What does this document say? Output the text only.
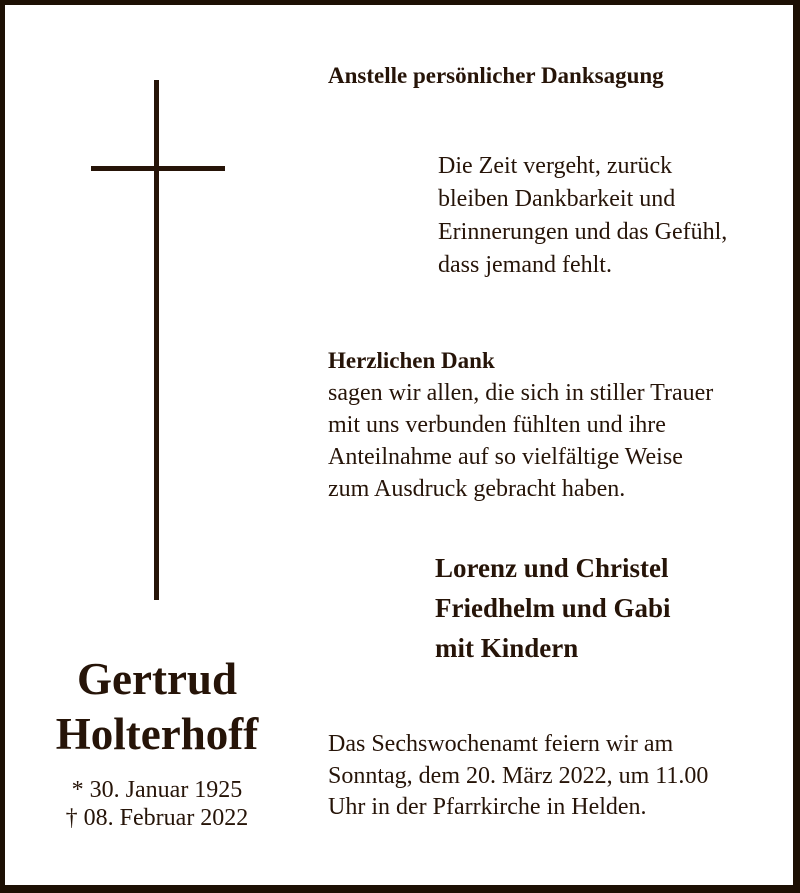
Anstelle persönlicher Danksagung
Die Zeit vergeht, zurück
bleiben Dankbarkeit und
Erinnerungen und das Gefühl,
dass jemand fehlt.
Herzlichen Dank
sagen wir allen, die sich in stiller Trauer
mit uns verbunden fühlten und ihre
Anteilnahme auf so vielfältige Weise
zum Ausdruck gebracht haben.
Lorenz und Christel
Friedhelm und Gabi
mit Kindern
Gertrud
Holterhoff
* 30. Januar 1925
† 08. Februar 2022
Das Sechswochenamt feiern wir am
Sonntag, dem 20. März 2022, um 11.00
Uhr in der Pfarrkirche in Helden.
